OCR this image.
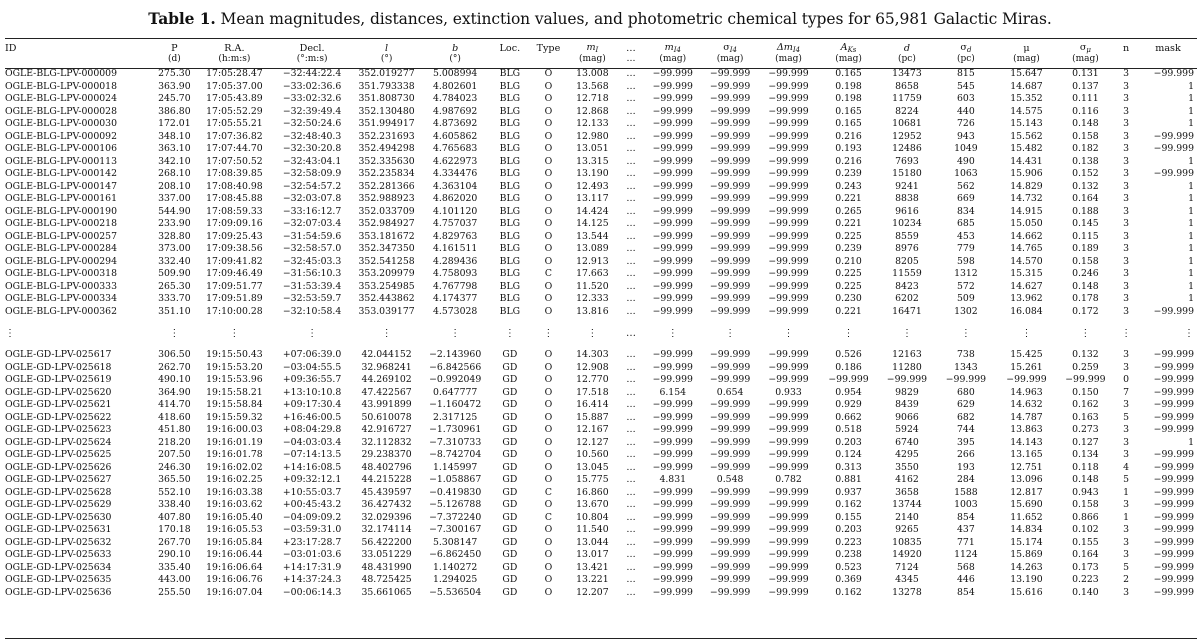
Table 1. Mean magnitudes, distances, extinction values, and photometric chemical types for 65,981 Galactic Miras.
ID	P	R.A.	Decl.	l	b	Loc.	Type	$m_I$	…	$m_{I4}$	$\sigma_{I4}$	$\Delta m_{I4}$	$A_{Ks}$	d	$\sigma_d$	μ	$\sigma_\mu$	n	mask
	(d)	(h:m:s)	(°:m:s)	(°)	(°)			(mag)	…	(mag)	(mag)	(mag)	(mag)	(pc)	(pc)	(mag)	(mag)		
OGLE-BLG-LPV-000009	275.30	17:05:28.47	−32:44:22.4	352.019277	5.008994	BLG	O	13.008	…	−99.999	−99.999	−99.999	0.165	13473	815	15.647	0.131	3	−99.999
OGLE-BLG-LPV-000018	363.90	17:05:37.00	−33:02:36.6	351.793338	4.802601	BLG	O	13.568	…	−99.999	−99.999	−99.999	0.198	8658	545	14.687	0.137	3	1
OGLE-BLG-LPV-000024	245.70	17:05:43.89	−33:02:32.6	351.808730	4.784023	BLG	O	12.718	…	−99.999	−99.999	−99.999	0.198	11759	603	15.352	0.111	3	1
OGLE-BLG-LPV-000028	386.80	17:05:52.29	−32:39:49.4	352.130480	4.987692	BLG	O	12.868	…	−99.999	−99.999	−99.999	0.165	8224	440	14.575	0.116	3	1
OGLE-BLG-LPV-000030	172.01	17:05:55.21	−32:50:24.6	351.994917	4.873692	BLG	O	12.133	…	−99.999	−99.999	−99.999	0.165	10681	726	15.143	0.148	3	1
OGLE-BLG-LPV-000092	348.10	17:07:36.82	−32:48:40.3	352.231693	4.605862	BLG	O	12.980	…	−99.999	−99.999	−99.999	0.216	12952	943	15.562	0.158	3	−99.999
OGLE-BLG-LPV-000106	363.10	17:07:44.70	−32:30:20.8	352.494298	4.765683	BLG	O	13.051	…	−99.999	−99.999	−99.999	0.193	12486	1049	15.482	0.182	3	−99.999
OGLE-BLG-LPV-000113	342.10	17:07:50.52	−32:43:04.1	352.335630	4.622973	BLG	O	13.315	…	−99.999	−99.999	−99.999	0.216	7693	490	14.431	0.138	3	1
OGLE-BLG-LPV-000142	268.10	17:08:39.85	−32:58:09.9	352.235834	4.334476	BLG	O	13.190	…	−99.999	−99.999	−99.999	0.239	15180	1063	15.906	0.152	3	−99.999
OGLE-BLG-LPV-000147	208.10	17:08:40.98	−32:54:57.2	352.281366	4.363104	BLG	O	12.493	…	−99.999	−99.999	−99.999	0.243	9241	562	14.829	0.132	3	1
OGLE-BLG-LPV-000161	337.00	17:08:45.88	−32:03:07.8	352.988923	4.862020	BLG	O	13.117	…	−99.999	−99.999	−99.999	0.221	8838	669	14.732	0.164	3	1
OGLE-BLG-LPV-000190	544.90	17:08:59.33	−33:16:12.7	352.033709	4.101120	BLG	O	14.424	…	−99.999	−99.999	−99.999	0.265	9616	834	14.915	0.188	3	1
OGLE-BLG-LPV-000218	233.90	17:09:09.16	−32:07:03.4	352.984927	4.757037	BLG	O	14.125	…	−99.999	−99.999	−99.999	0.221	10234	685	15.050	0.145	3	1
OGLE-BLG-LPV-000257	328.80	17:09:25.43	−31:54:59.6	353.181672	4.829763	BLG	O	13.544	…	−99.999	−99.999	−99.999	0.225	8559	453	14.662	0.115	3	1
OGLE-BLG-LPV-000284	373.00	17:09:38.56	−32:58:57.0	352.347350	4.161511	BLG	O	13.089	…	−99.999	−99.999	−99.999	0.239	8976	779	14.765	0.189	3	1
OGLE-BLG-LPV-000294	332.40	17:09:41.82	−32:45:03.3	352.541258	4.289436	BLG	O	12.913	…	−99.999	−99.999	−99.999	0.210	8205	598	14.570	0.158	3	1
OGLE-BLG-LPV-000318	509.90	17:09:46.49	−31:56:10.3	353.209979	4.758093	BLG	C	17.663	…	−99.999	−99.999	−99.999	0.225	11559	1312	15.315	0.246	3	1
OGLE-BLG-LPV-000333	265.30	17:09:51.77	−31:53:39.4	353.254985	4.767798	BLG	O	11.520	…	−99.999	−99.999	−99.999	0.225	8423	572	14.627	0.148	3	1
OGLE-BLG-LPV-000334	333.70	17:09:51.89	−32:53:59.7	352.443862	4.174377	BLG	O	12.333	…	−99.999	−99.999	−99.999	0.230	6202	509	13.962	0.178	3	1
OGLE-BLG-LPV-000362	351.10	17:10:00.28	−32:10:58.4	353.039177	4.573028	BLG	O	13.816	…	−99.999	−99.999	−99.999	0.221	16471	1302	16.084	0.172	3	−99.999
⋮	⋮	⋮	⋮	⋮	⋮	⋮	⋮	⋮	…	⋮	⋮	⋮	⋮	⋮	⋮	⋮	⋮	⋮	⋮
OGLE-GD-LPV-025617	306.50	19:15:50.43	+07:06:39.0	42.044152	−2.143960	GD	O	14.303	…	−99.999	−99.999	−99.999	0.526	12163	738	15.425	0.132	3	−99.999
OGLE-GD-LPV-025618	262.70	19:15:53.20	−03:04:55.5	32.968241	−6.842566	GD	O	12.908	…	−99.999	−99.999	−99.999	0.186	11280	1343	15.261	0.259	3	−99.999
OGLE-GD-LPV-025619	490.10	19:15:53.96	+09:36:55.7	44.269102	−0.992049	GD	O	12.770	…	−99.999	−99.999	−99.999	−99.999	−99.999	−99.999	−99.999	−99.999	0	−99.999
OGLE-GD-LPV-025620	364.90	19:15:58.21	+13:10:10.8	47.422567	0.647777	GD	O	17.518	…	6.154	0.654	0.933	0.954	9829	680	14.963	0.150	7	−99.999
OGLE-GD-LPV-025621	414.70	19:15:58.84	+09:17:30.4	43.991899	−1.160472	GD	O	16.414	…	−99.999	−99.999	−99.999	0.929	8439	629	14.632	0.162	3	−99.999
OGLE-GD-LPV-025622	418.60	19:15:59.32	+16:46:00.5	50.610078	2.317125	GD	O	15.887	…	−99.999	−99.999	−99.999	0.662	9066	682	14.787	0.163	5	−99.999
OGLE-GD-LPV-025623	451.80	19:16:00.03	+08:04:29.8	42.916727	−1.730961	GD	O	12.167	…	−99.999	−99.999	−99.999	0.518	5924	744	13.863	0.273	3	−99.999
OGLE-GD-LPV-025624	218.20	19:16:01.19	−04:03:03.4	32.112832	−7.310733	GD	O	12.127	…	−99.999	−99.999	−99.999	0.203	6740	395	14.143	0.127	3	1
OGLE-GD-LPV-025625	207.50	19:16:01.78	−07:14:13.5	29.238370	−8.742704	GD	O	10.560	…	−99.999	−99.999	−99.999	0.124	4295	266	13.165	0.134	3	−99.999
OGLE-GD-LPV-025626	246.30	19:16:02.02	+14:16:08.5	48.402796	1.145997	GD	O	13.045	…	−99.999	−99.999	−99.999	0.313	3550	193	12.751	0.118	4	−99.999
OGLE-GD-LPV-025627	365.50	19:16:02.25	+09:32:12.1	44.215228	−1.058867	GD	O	15.775	…	4.831	0.548	0.782	0.881	4162	284	13.096	0.148	5	−99.999
OGLE-GD-LPV-025628	552.10	19:16:03.38	+10:55:03.7	45.439597	−0.419830	GD	C	16.860	…	−99.999	−99.999	−99.999	0.937	3658	1588	12.817	0.943	1	−99.999
OGLE-GD-LPV-025629	338.40	19:16:03.62	+00:45:43.2	36.427432	−5.126788	GD	O	13.670	…	−99.999	−99.999	−99.999	0.162	13744	1003	15.690	0.158	3	−99.999
OGLE-GD-LPV-025630	407.80	19:16:05.40	−04:09:09.2	32.029396	−7.372240	GD	C	10.804	…	−99.999	−99.999	−99.999	0.155	2140	854	11.652	0.866	1	−99.999
OGLE-GD-LPV-025631	170.18	19:16:05.53	−03:59:31.0	32.174114	−7.300167	GD	O	11.540	…	−99.999	−99.999	−99.999	0.203	9265	437	14.834	0.102	3	−99.999
OGLE-GD-LPV-025632	267.70	19:16:05.84	+23:17:28.7	56.422200	5.308147	GD	O	13.044	…	−99.999	−99.999	−99.999	0.223	10835	771	15.174	0.155	3	−99.999
OGLE-GD-LPV-025633	290.10	19:16:06.44	−03:01:03.6	33.051229	−6.862450	GD	O	13.017	…	−99.999	−99.999	−99.999	0.238	14920	1124	15.869	0.164	3	−99.999
OGLE-GD-LPV-025634	335.40	19:16:06.64	+14:17:31.9	48.431990	1.140272	GD	O	13.421	…	−99.999	−99.999	−99.999	0.523	7124	568	14.263	0.173	5	−99.999
OGLE-GD-LPV-025635	443.00	19:16:06.76	+14:37:24.3	48.725425	1.294025	GD	O	13.221	…	−99.999	−99.999	−99.999	0.369	4345	446	13.190	0.223	2	−99.999
OGLE-GD-LPV-025636	255.50	19:16:07.04	−00:06:14.3	35.661065	−5.536504	GD	O	12.207	…	−99.999	−99.999	−99.999	0.162	13278	854	15.616	0.140	3	−99.999
